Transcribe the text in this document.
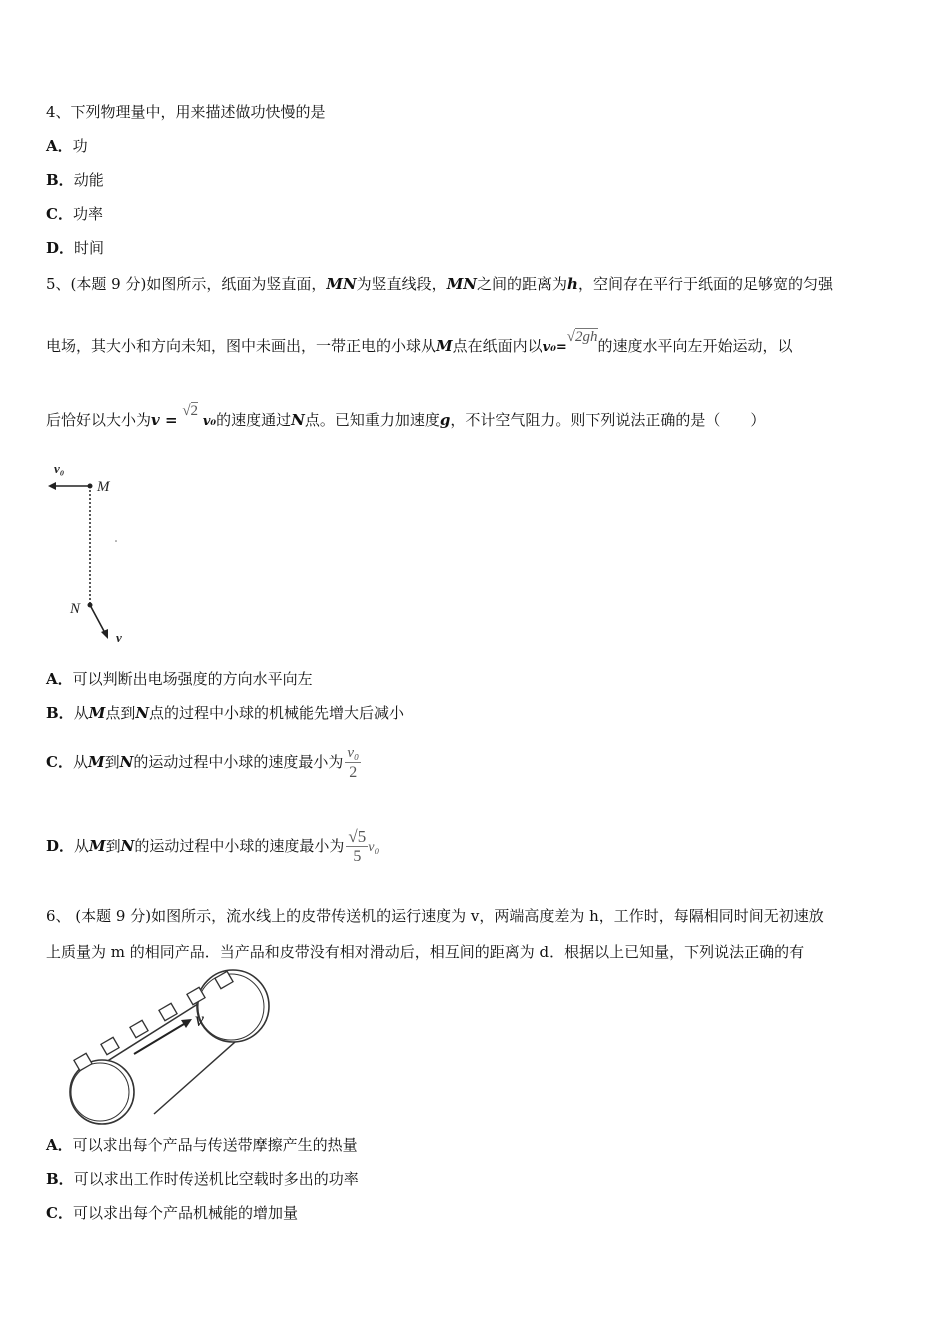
4、下列物理量中，用来描述做功快慢的是
A．功
B．动能
C．功率
D．时间
5、(本题 9 分)如图所示，纸面为竖直面，MN为竖直线段，MN之间的距离为h，空间存在平行于纸面的足够宽的匀强
电场，其大小和方向未知，图中未画出，一带正电的小球从M点在纸面内以v₀=√2gh的速度水平向左开始运动，以
后恰好以大小为v = √2 v₀的速度通过N点。已知重力加速度g，不计空气阻力。则下列说法正确的是（　　）
v₀
M
N
v
A．可以判断出电场强度的方向水平向左
B．从M点到N点的过程中小球的机械能先增大后减小
C．从M到N的运动过程中小球的速度最小为 $\frac{\text{v₀}}{2}$
D．从M到N的运动过程中小球的速度最小为 $\frac{√5}{5} v_0$
6、 (本题 9 分)如图所示，流水线上的皮带传送机的运行速度为 v，两端高度差为 h，工作时，每隔相同时间无初速放
上质量为 m 的相同产品．当产品和皮带没有相对滑动后，相互间的距离为 d．根据以上已知量，下列说法正确的有
v
A．可以求出每个产品与传送带摩擦产生的热量
B．可以求出工作时传送机比空载时多出的功率
C．可以求出每个产品机械能的增加量
